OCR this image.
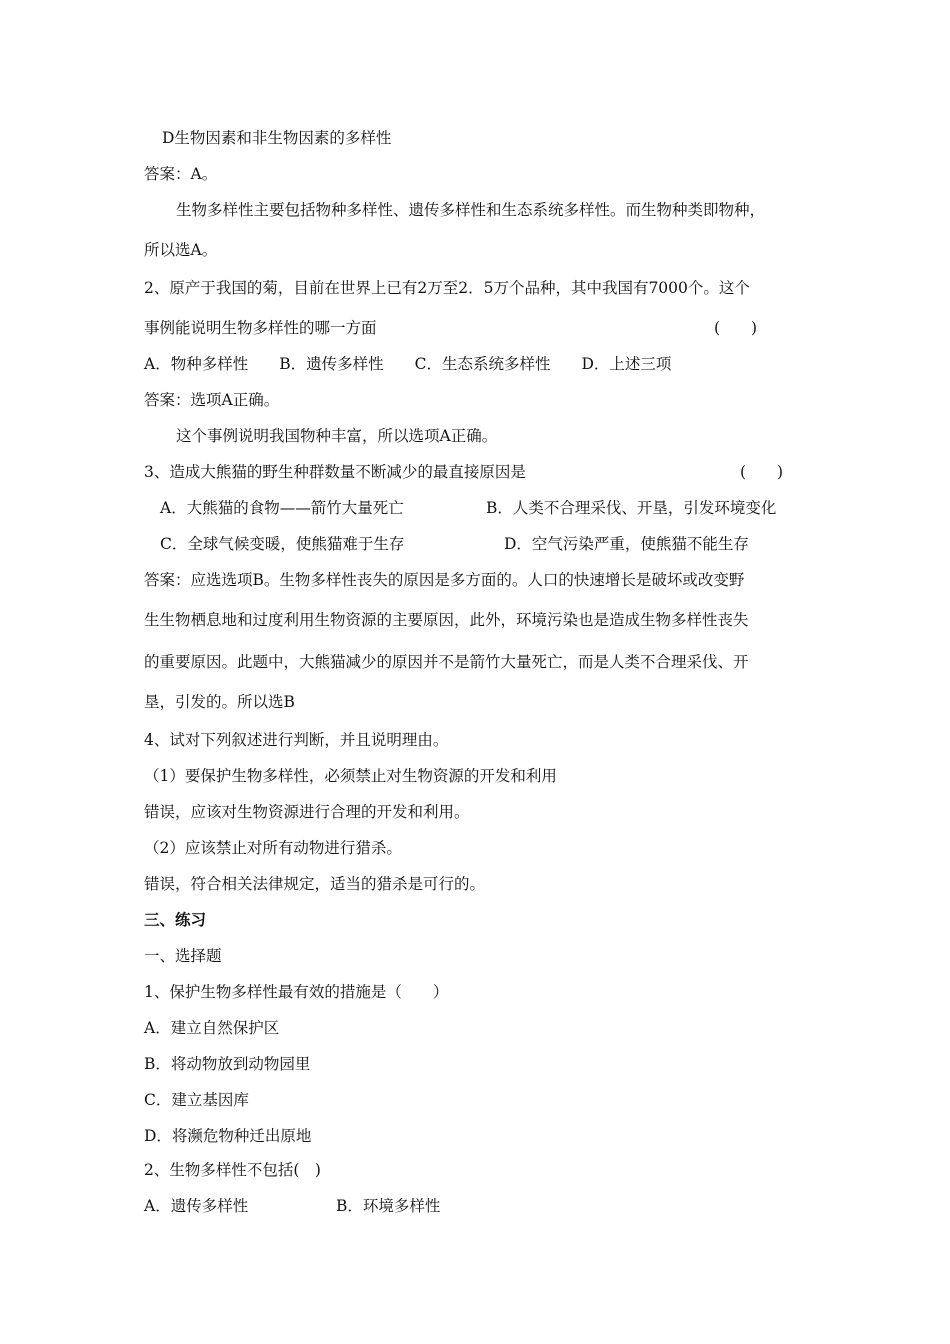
D生物因素和非生物因素的多样性
答案：A。
生物多样性主要包括物种多样性、遗传多样性和生态系统多样性。而生物种类即物种，
所以选A。
2、原产于我国的菊，目前在世界上已有2万至2．5万个品种，其中我国有7000个。这个
事例能说明生物多样性的哪一方面	(　　)
A．物种多样性　　B．遗传多样性　　C．生态系统多样性　　D．上述三项
答案：选项A正确。
这个事例说明我国物种丰富，所以选项A正确。
3、造成大熊猫的野生种群数量不断减少的最直接原因是	(　　)
A．大熊猫的食物——箭竹大量死亡	B．人类不合理采伐、开垦，引发环境变化
C．全球气候变暖，使熊猫难于生存	D．空气污染严重，使熊猫不能生存
答案：应选选项B。生物多样性丧失的原因是多方面的。人口的快速增长是破坏或改变野
生生物栖息地和过度利用生物资源的主要原因，此外，环境污染也是造成生物多样性丧失
的重要原因。此题中，大熊猫减少的原因并不是箭竹大量死亡，而是人类不合理采伐、开
垦，引发的。所以选B
4、试对下列叙述进行判断，并且说明理由。
（1）要保护生物多样性，必须禁止对生物资源的开发和利用
错误，应该对生物资源进行合理的开发和利用。
（2）应该禁止对所有动物进行猎杀。
错误，符合相关法律规定，适当的猎杀是可行的。
三、练习
一、选择题
1、保护生物多样性最有效的措施是（　　）
A．建立自然保护区
B．将动物放到动物园里
C．建立基因库
D．将濒危物种迁出原地
2、生物多样性不包括(　)
A．遗传多样性	B．环境多样性
